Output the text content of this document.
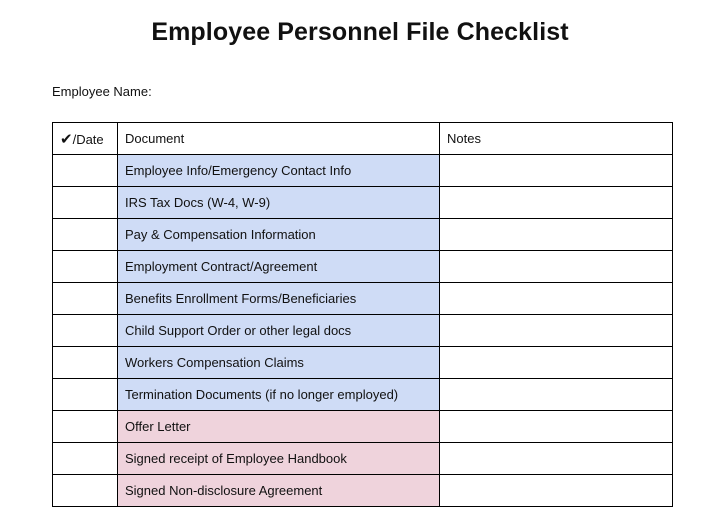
Employee Personnel File Checklist
Employee Name:
✔/Date	Document	Notes
	Employee Info/Emergency Contact Info	
	IRS Tax Docs (W-4, W-9)	
	Pay & Compensation Information	
	Employment Contract/Agreement	
	Benefits Enrollment Forms/Beneficiaries	
	Child Support Order or other legal docs	
	Workers Compensation Claims	
	Termination Documents (if no longer employed)	
	Offer Letter	
	Signed receipt of Employee Handbook	
	Signed Non-disclosure Agreement	
